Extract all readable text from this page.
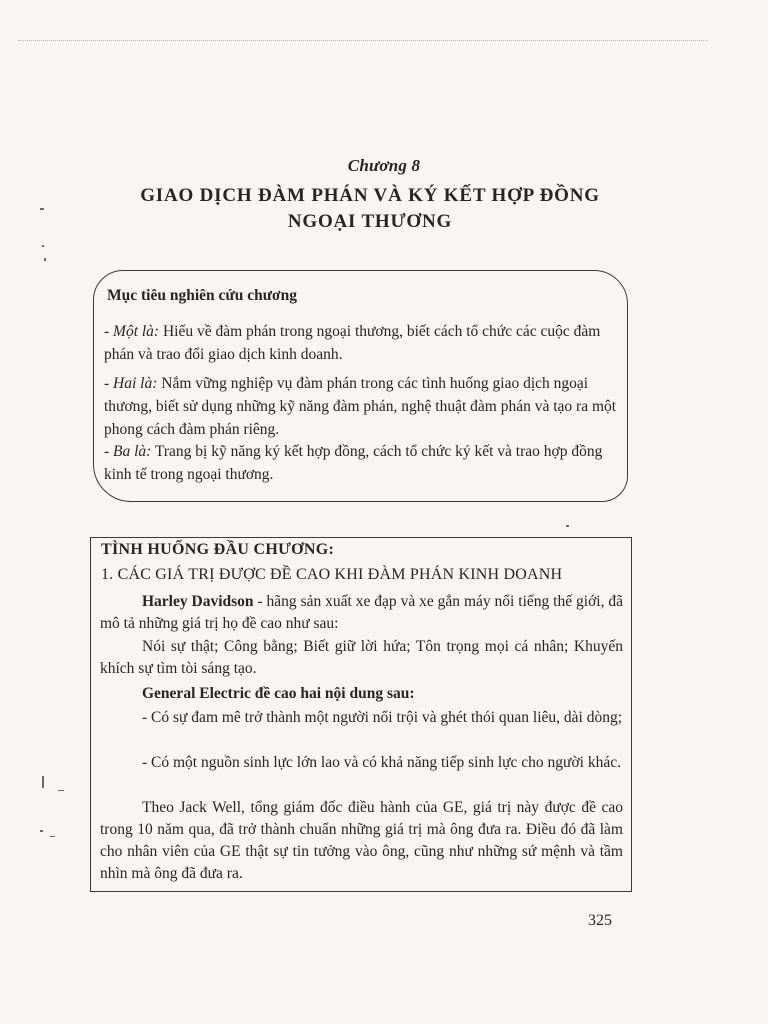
Chương 8
GIAO DỊCH ĐÀM PHÁN VÀ KÝ KẾT HỢP ĐỒNG
NGOẠI THƯƠNG
Mục tiêu nghiên cứu chương
- Một là: Hiểu về đàm phán trong ngoại thương, biết cách tổ chức các cuộc đàm phán và trao đổi giao dịch kinh doanh.
- Hai là: Nắm vững nghiệp vụ đàm phán trong các tình huống giao dịch ngoại thương, biết sử dụng những kỹ năng đàm phán, nghệ thuật đàm phán và tạo ra một phong cách đàm phán riêng.
- Ba là: Trang bị kỹ năng ký kết hợp đồng, cách tổ chức ký kết và trao hợp đồng kinh tế trong ngoại thương.
TÌNH HUỐNG ĐẦU CHƯƠNG:
1. CÁC GIÁ TRỊ ĐƯỢC ĐỀ CAO KHI ĐÀM PHÁN KINH DOANH
Harley Davidson - hãng sản xuất xe đạp và xe gắn máy nổi tiếng thế giới, đã mô tả những giá trị họ đề cao như sau:
Nói sự thật; Công bằng; Biết giữ lời hứa; Tôn trọng mọi cá nhân; Khuyến khích sự tìm tòi sáng tạo.
General Electric đề cao hai nội dung sau:
- Có sự đam mê trở thành một người nổi trội và ghét thói quan liêu, dài dòng;
- Có một nguồn sinh lực lớn lao và có khả năng tiếp sinh lực cho người khác.
Theo Jack Well, tổng giám đốc điều hành của GE, giá trị này được đề cao trong 10 năm qua, đã trở thành chuẩn những giá trị mà ông đưa ra. Điều đó đã làm cho nhân viên của GE thật sự tin tưởng vào ông, cũng như những sứ mệnh và tầm nhìn mà ông đã đưa ra.
325
